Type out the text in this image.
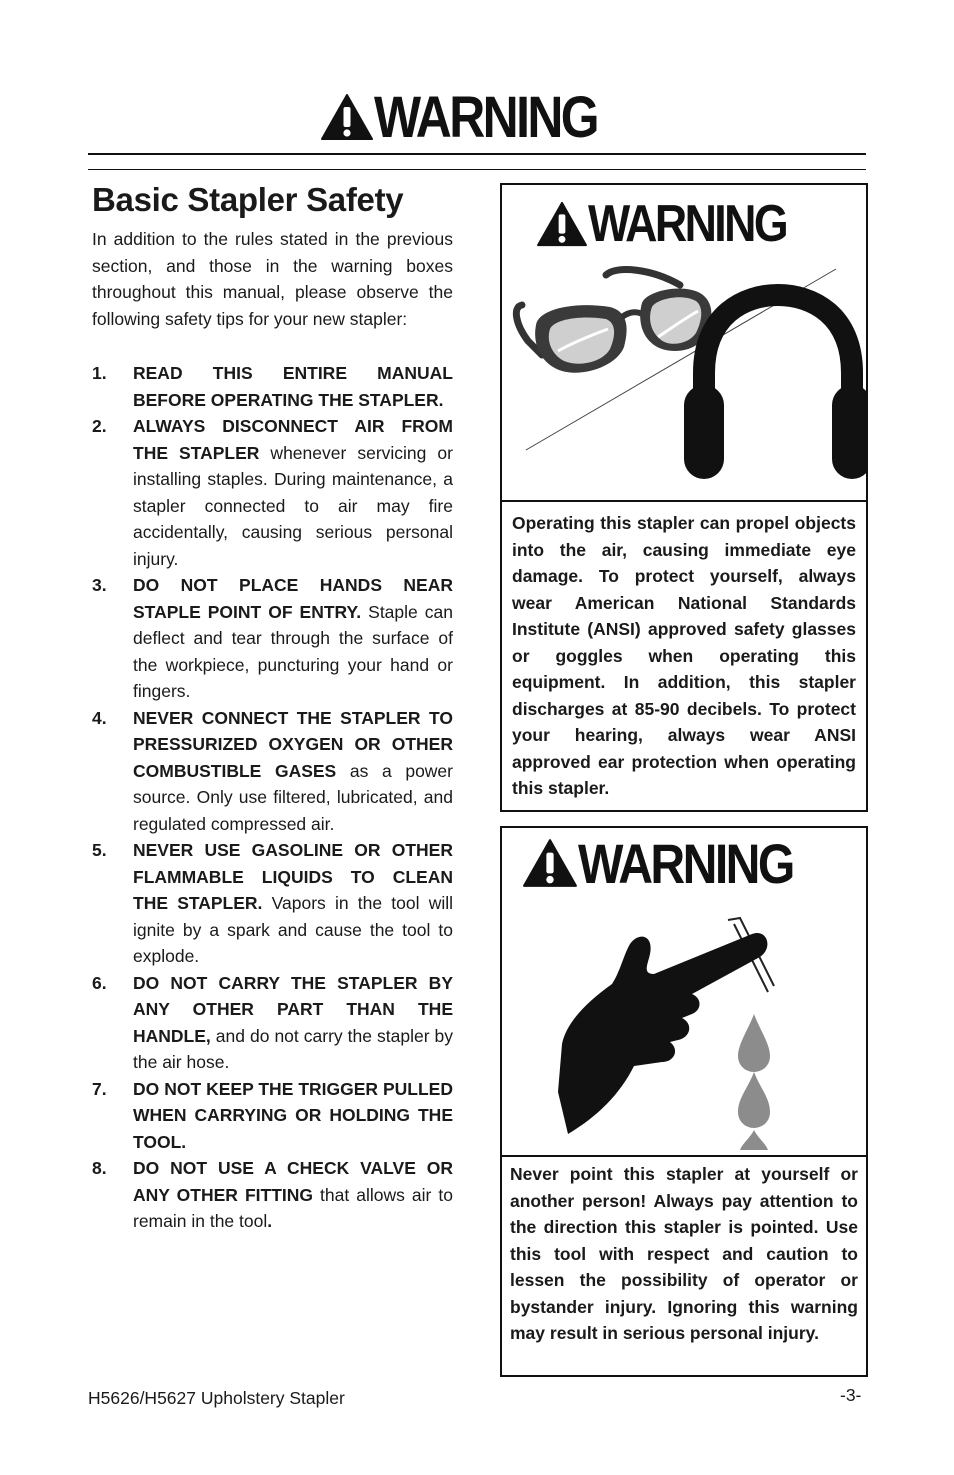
WARNING
Basic Stapler Safety

In addition to the rules stated in the previous section, and those in the warning boxes throughout this manual, please observe the following safety tips for your new stapler:

1.	READ THIS ENTIRE MANUAL BEFORE OPERATING THE STAPLER.
2.	ALWAYS DISCONNECT AIR FROM THE STAPLER whenever servicing or installing staples. During maintenance, a stapler connected to air may fire accidentally, causing serious personal injury.
3.	DO NOT PLACE HANDS NEAR STAPLE POINT OF ENTRY. Staple can deflect and tear through the surface of the workpiece, puncturing your hand or fingers.
4.	NEVER CONNECT THE STAPLER TO PRESSURIZED OXYGEN OR OTHER COMBUSTIBLE GASES as a power source. Only use filtered, lubricated, and regulated compressed air.
5.	NEVER USE GASOLINE OR OTHER FLAMMABLE LIQUIDS TO CLEAN THE STAPLER. Vapors in the tool will ignite by a spark and cause the tool to explode.
6.	DO NOT CARRY THE STAPLER BY ANY OTHER PART THAN THE HANDLE, and do not carry the stapler by the air hose.
7.	DO NOT KEEP THE TRIGGER PULLED WHEN CARRYING OR HOLDING THE TOOL.
8.	DO NOT USE A CHECK VALVE OR ANY OTHER FITTING that allows air to remain in the tool.
WARNING
Operating this stapler can propel objects into the air, causing immediate eye damage. To protect yourself, always wear American National Standards Institute (ANSI) approved safety glasses or goggles when operating this equipment. In addition, this stapler discharges at 85-90 decibels. To protect your hearing, always wear ANSI approved ear protection when operating this stapler.
WARNING
Never point this stapler at yourself or another person! Always pay attention to the direction this stapler is pointed. Use this tool with respect and caution to lessen the possibility of operator or bystander injury. Ignoring this warning may result in serious personal injury.
H5626/H5627 Upholstery Stapler	-3-
